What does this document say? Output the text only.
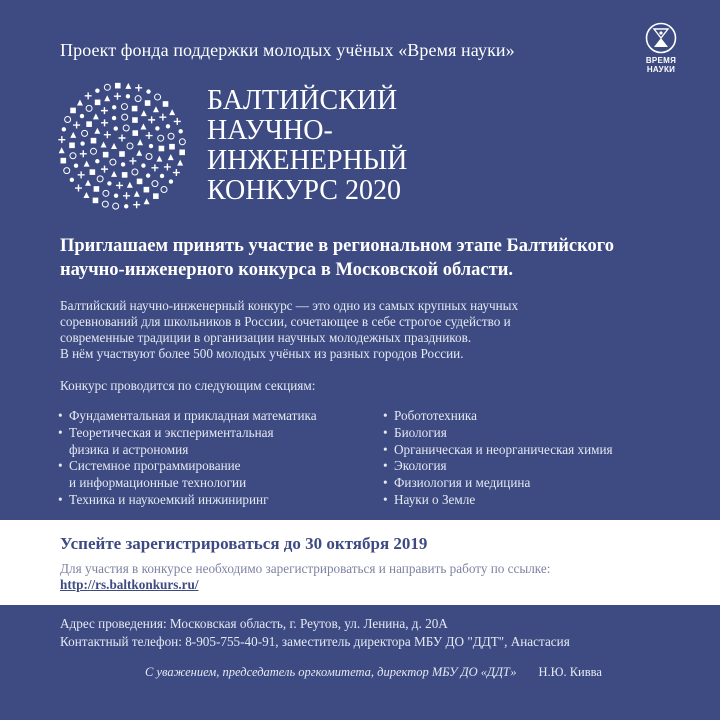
Проект фонда поддержки молодых учёных «Время науки»
ВРЕМЯ
НАУКИ
БАЛТИЙСКИЙ
НАУЧНО-
ИНЖЕНЕРНЫЙ
КОНКУРС 2020
Приглашаем принять участие в региональном этапе Балтийского научно-инженерного конкурса в Московской области.
Балтийский научно-инженерный конкурс — это одно из самых крупных научных
соревнований для школьников в России, сочетающее в себе строгое судейство и
современные традиции в организации научных молодежных праздников.
В нём участвуют более 500 молодых учёных из разных городов России.
Конкурс проводится по следующим секциям:
• Фундаментальная и прикладная математика
• Теоретическая и экспериментальная
физика и астрономия
• Системное программирование
и информационные технологии
• Техника и наукоемкий инжиниринг
• Робототехника
• Биология
• Органическая и неорганическая химия
• Экология
• Физиология и медицина
• Науки о Земле
Успейте зарегистрироваться до 30 октября 2019
Для участия в конкурсе необходимо зарегистрироваться и направить работу по ссылке:
http://rs.baltkonkurs.ru/
Адрес проведения: Московская область, г. Реутов, ул. Ленина, д. 20А
Контактный телефон: 8-905-755-40-91, заместитель директора МБУ ДО "ДДТ", Анастасия
С уважением, председатель оргкомитета, директор МБУ ДО «ДДТ» Н.Ю. Кивва
